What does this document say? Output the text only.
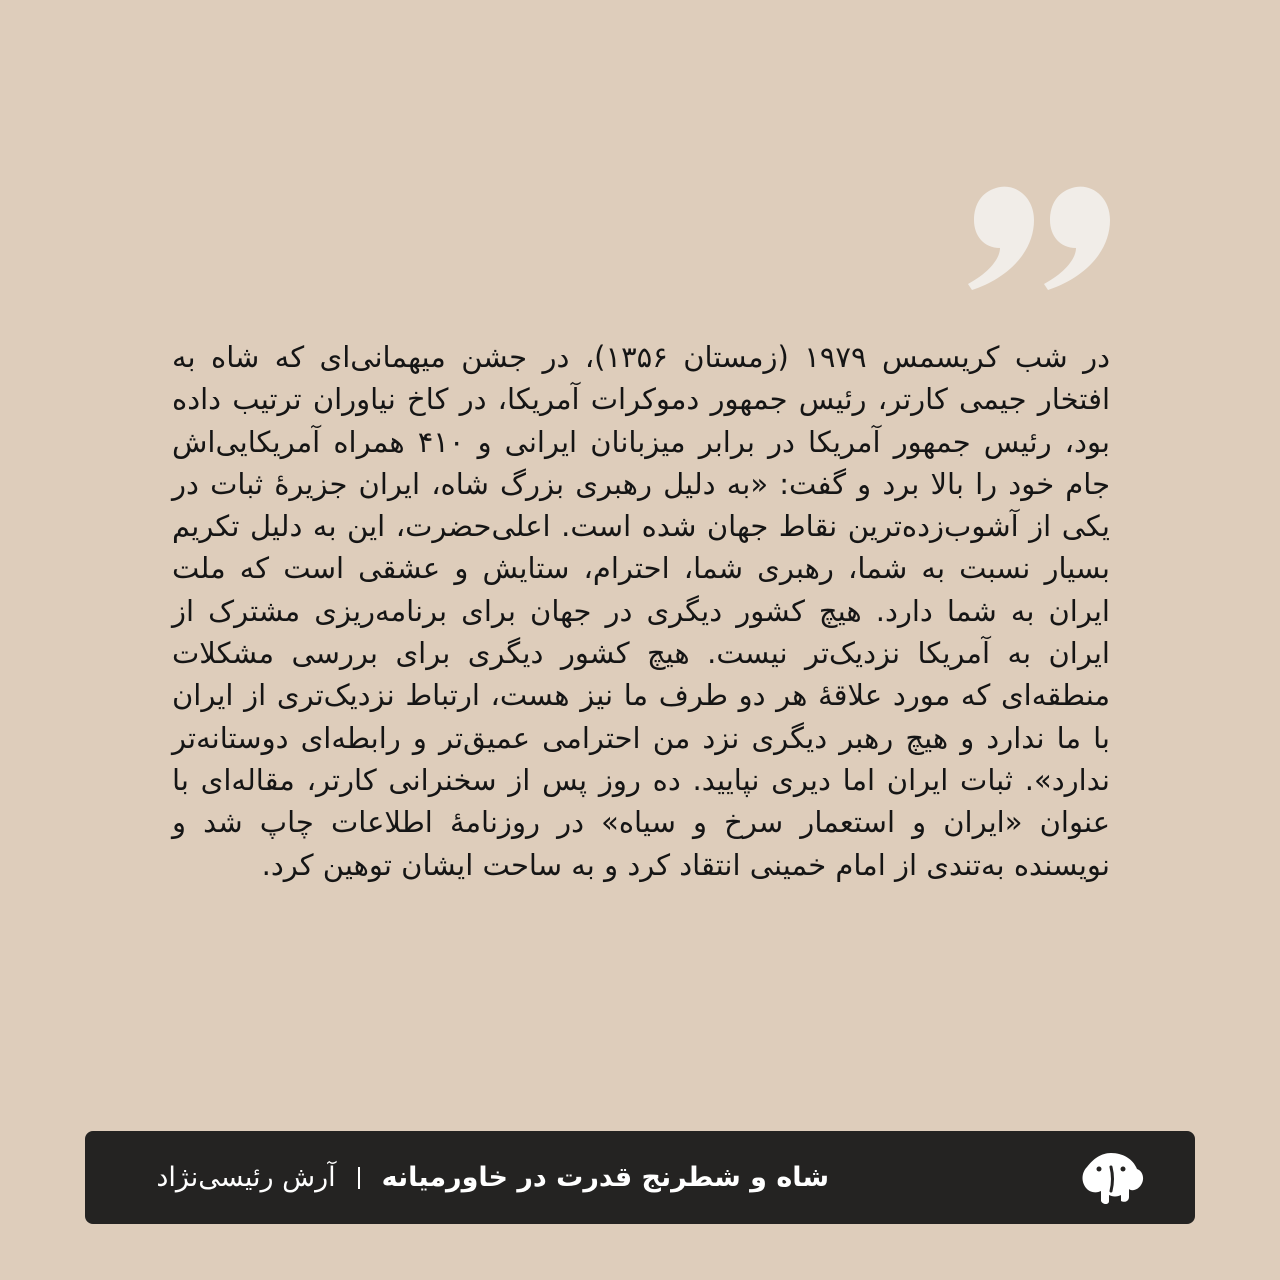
در شب کریسمس ۱۹۷۹ (زمستان ۱۳۵۶)، در جشن میهمانی‌ای که شاه به افتخار جیمی کارتر، رئیس جمهور دموکرات آمریکا، در کاخ نیاوران ترتیب داده بود، رئیس جمهور آمریکا در برابر میزبانان ایرانی و ۴۱۰ همراه آمریکایی‌اش جام خود را بالا برد و گفت: «به دلیل رهبری بزرگ شاه، ایران جزیرهٔ ثبات در یکی از آشوب‌زده‌ترین نقاط جهان شده است. اعلی‌حضرت، این به دلیل تکریم بسیار نسبت به شما، رهبری شما، احترام، ستایش و عشقی است که ملت ایران به شما دارد. هیچ کشور دیگری در جهان برای برنامه‌ریزی مشترک از ایران به آمریکا نزدیک‌تر نیست. هیچ کشور دیگری برای بررسی مشکلات منطقه‌ای که مورد علاقهٔ هر دو طرف ما نیز هست، ارتباط نزدیک‌تری از ایران با ما ندارد و هیچ رهبر دیگری نزد من احترامی عمیق‌تر و رابطه‌ای دوستانه‌تر ندارد». ثبات ایران اما دیری نپایید. ده روز پس از سخنرانی کارتر، مقاله‌ای با عنوان «ایران و استعمار سرخ و سیاه» در روزنامهٔ اطلاعات چاپ شد و نویسنده به‌تندی از امام خمینی انتقاد کرد و به ساحت ایشان توهین کرد.

شاه و شطرنج قدرت در خاورمیانه
آرش رئیسی‌نژاد
